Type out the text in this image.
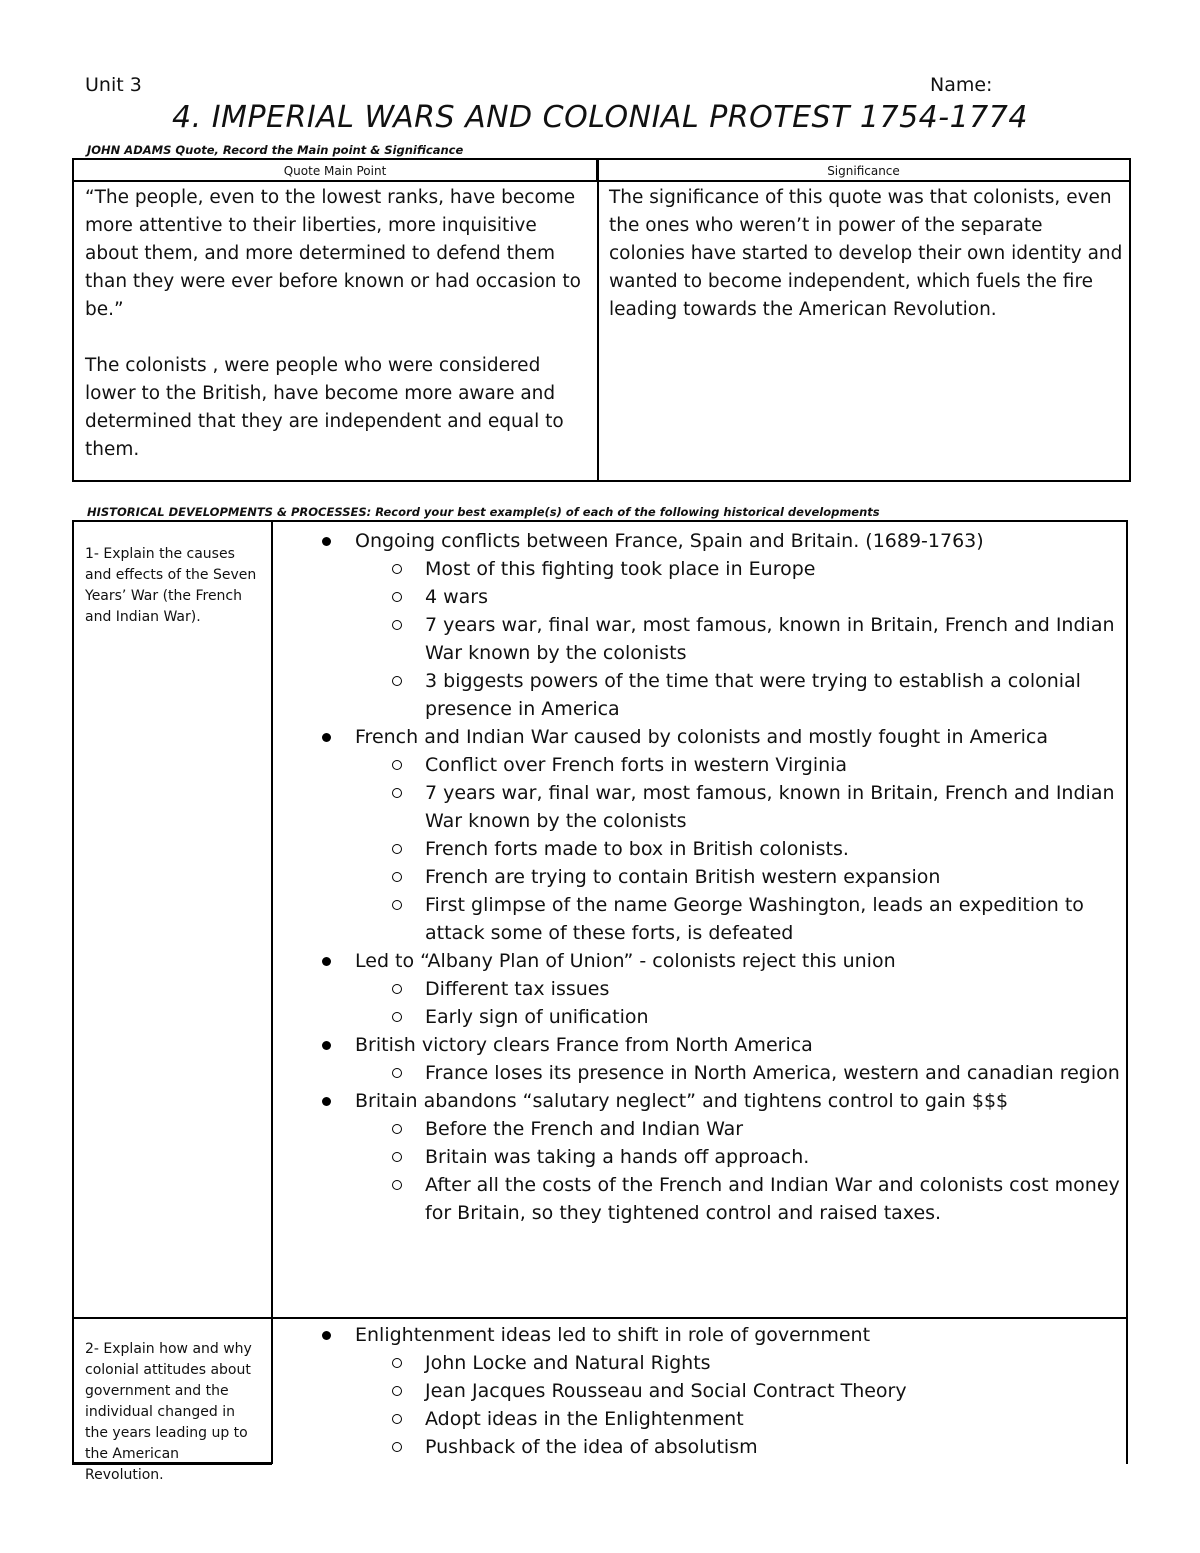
Unit 3	Name:
4. IMPERIAL WARS AND COLONIAL PROTEST 1754-1774
JOHN ADAMS Quote, Record the Main point & Significance
Quote Main Point	Significance

“The people, even to the lowest ranks, have become more attentive to their liberties, more inquisitive about them, and more determined to defend them than they were ever before known or had occasion to be.”

The colonists , were people who were considered lower to the British, have become more aware and determined that they are independent and equal to them.

The significance of this quote was that colonists, even the ones who weren’t in power of the separate colonies have started to develop their own identity and wanted to become independent, which fuels the fire leading towards the American Revolution.

HISTORICAL DEVELOPMENTS & PROCESSES: Record your best example(s) of each of the following historical developments
1- Explain the causes and effects of the Seven Years’ War (the French and Indian War).
Ongoing conflicts between France, Spain and Britain. (1689-1763)
Most of this fighting took place in Europe
4 wars
7 years war, final war, most famous, known in Britain, French and Indian War known by the colonists
3 biggests powers of the time that were trying to establish a colonial presence in America
French and Indian War caused by colonists and mostly fought in America
Conflict over French forts in western Virginia
7 years war, final war, most famous, known in Britain, French and Indian War known by the colonists
French forts made to box in British colonists.
French are trying to contain British western expansion
First glimpse of the name George Washington, leads an expedition to attack some of these forts, is defeated
Led to “Albany Plan of Union” - colonists reject this union
Different tax issues
Early sign of unification
British victory clears France from North America
France loses its presence in North America, western and canadian region
Britain abandons “salutary neglect” and tightens control to gain $$$
Before the French and Indian War
Britain was taking a hands off approach.
After all the costs of the French and Indian War and colonists cost money for Britain, so they tightened control and raised taxes.
2- Explain how and why colonial attitudes about government and the individual changed in the years leading up to the American Revolution.
Enlightenment ideas led to shift in role of government
John Locke and Natural Rights
Jean Jacques Rousseau and Social Contract Theory
Adopt ideas in the Enlightenment
Pushback of the idea of absolutism
